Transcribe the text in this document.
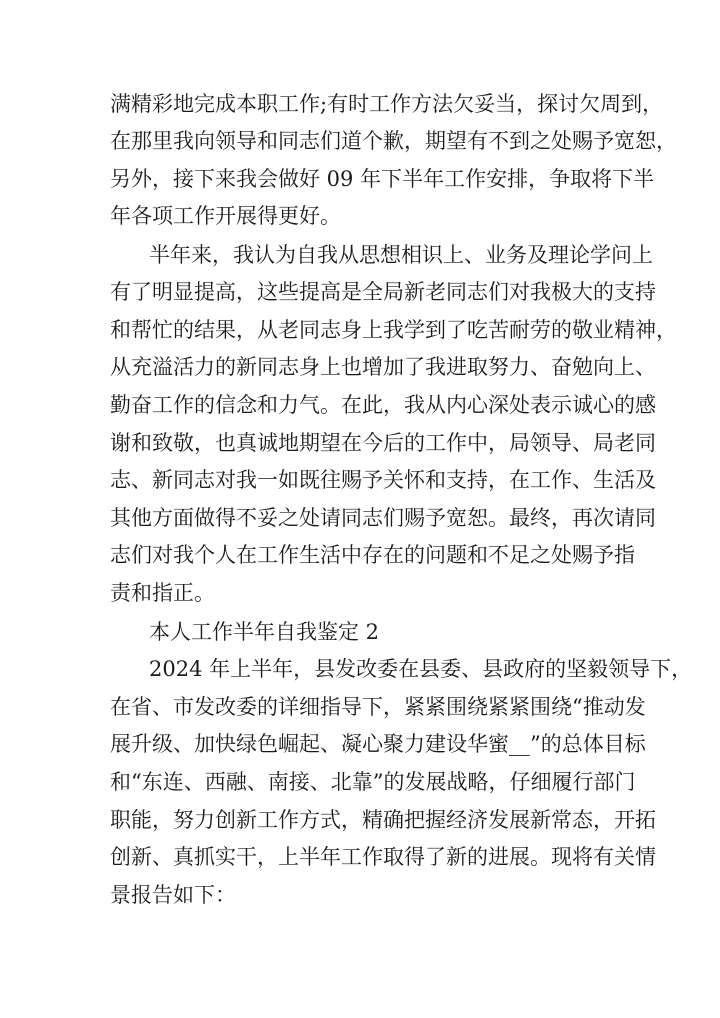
满精彩地完成本职工作;有时工作方法欠妥当，探讨欠周到，
在那里我向领导和同志们道个歉，期望有不到之处赐予宽恕，
另外，接下来我会做好 09 年下半年工作安排，争取将下半
年各项工作开展得更好。
半年来，我认为自我从思想相识上、业务及理论学问上
有了明显提高，这些提高是全局新老同志们对我极大的支持
和帮忙的结果，从老同志身上我学到了吃苦耐劳的敬业精神，
从充溢活力的新同志身上也增加了我进取努力、奋勉向上、
勤奋工作的信念和力气。在此，我从内心深处表示诚心的感
谢和致敬，也真诚地期望在今后的工作中，局领导、局老同
志、新同志对我一如既往赐予关怀和支持，在工作、生活及
其他方面做得不妥之处请同志们赐予宽恕。最终，再次请同
志们对我个人在工作生活中存在的问题和不足之处赐予指
责和指正。
本人工作半年自我鉴定 2
2024 年上半年，县发改委在县委、县政府的坚毅领导下，
在省、市发改委的详细指导下，紧紧围绕紧紧围绕“推动发
展升级、加快绿色崛起、凝心聚力建设华蜜__”的总体目标
和“东连、西融、南接、北靠”的发展战略，仔细履行部门
职能，努力创新工作方式，精确把握经济发展新常态，开拓
创新、真抓实干，上半年工作取得了新的进展。现将有关情
景报告如下：
